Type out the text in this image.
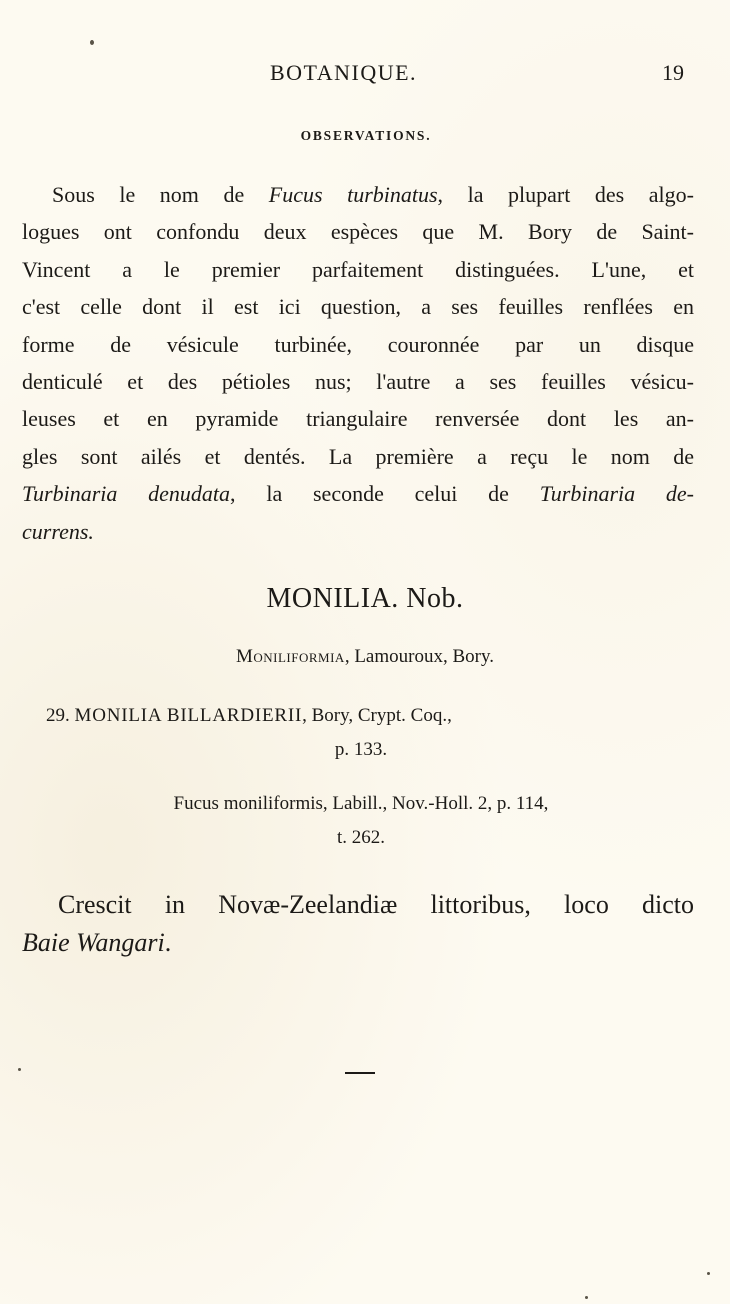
BOTANIQUE.	19
OBSERVATIONS.
Sous le nom de Fucus turbinatus, la plupart des algo-
logues ont confondu deux espèces que M. Bory de Saint-
Vincent a le premier parfaitement distinguées. L'une, et
c'est celle dont il est ici question, a ses feuilles renflées en
forme de vésicule turbinée, couronnée par un disque
denticulé et des pétioles nus; l'autre a ses feuilles vésicu-
leuses et en pyramide triangulaire renversée dont les an-
gles sont ailés et dentés. La première a reçu le nom de
Turbinaria denudata, la seconde celui de Turbinaria de-
currens.
MONILIA. Nob.
Moniliformia, Lamouroux, Bory.
29. MONILIA BILLARDIERII, Bory, Crypt. Coq.,
p. 133.
Fucus moniliformis, Labill., Nov.-Holl. 2, p. 114,
t. 262.
Crescit in Novæ-Zeelandiæ littoribus, loco dicto
Baie Wangari.
